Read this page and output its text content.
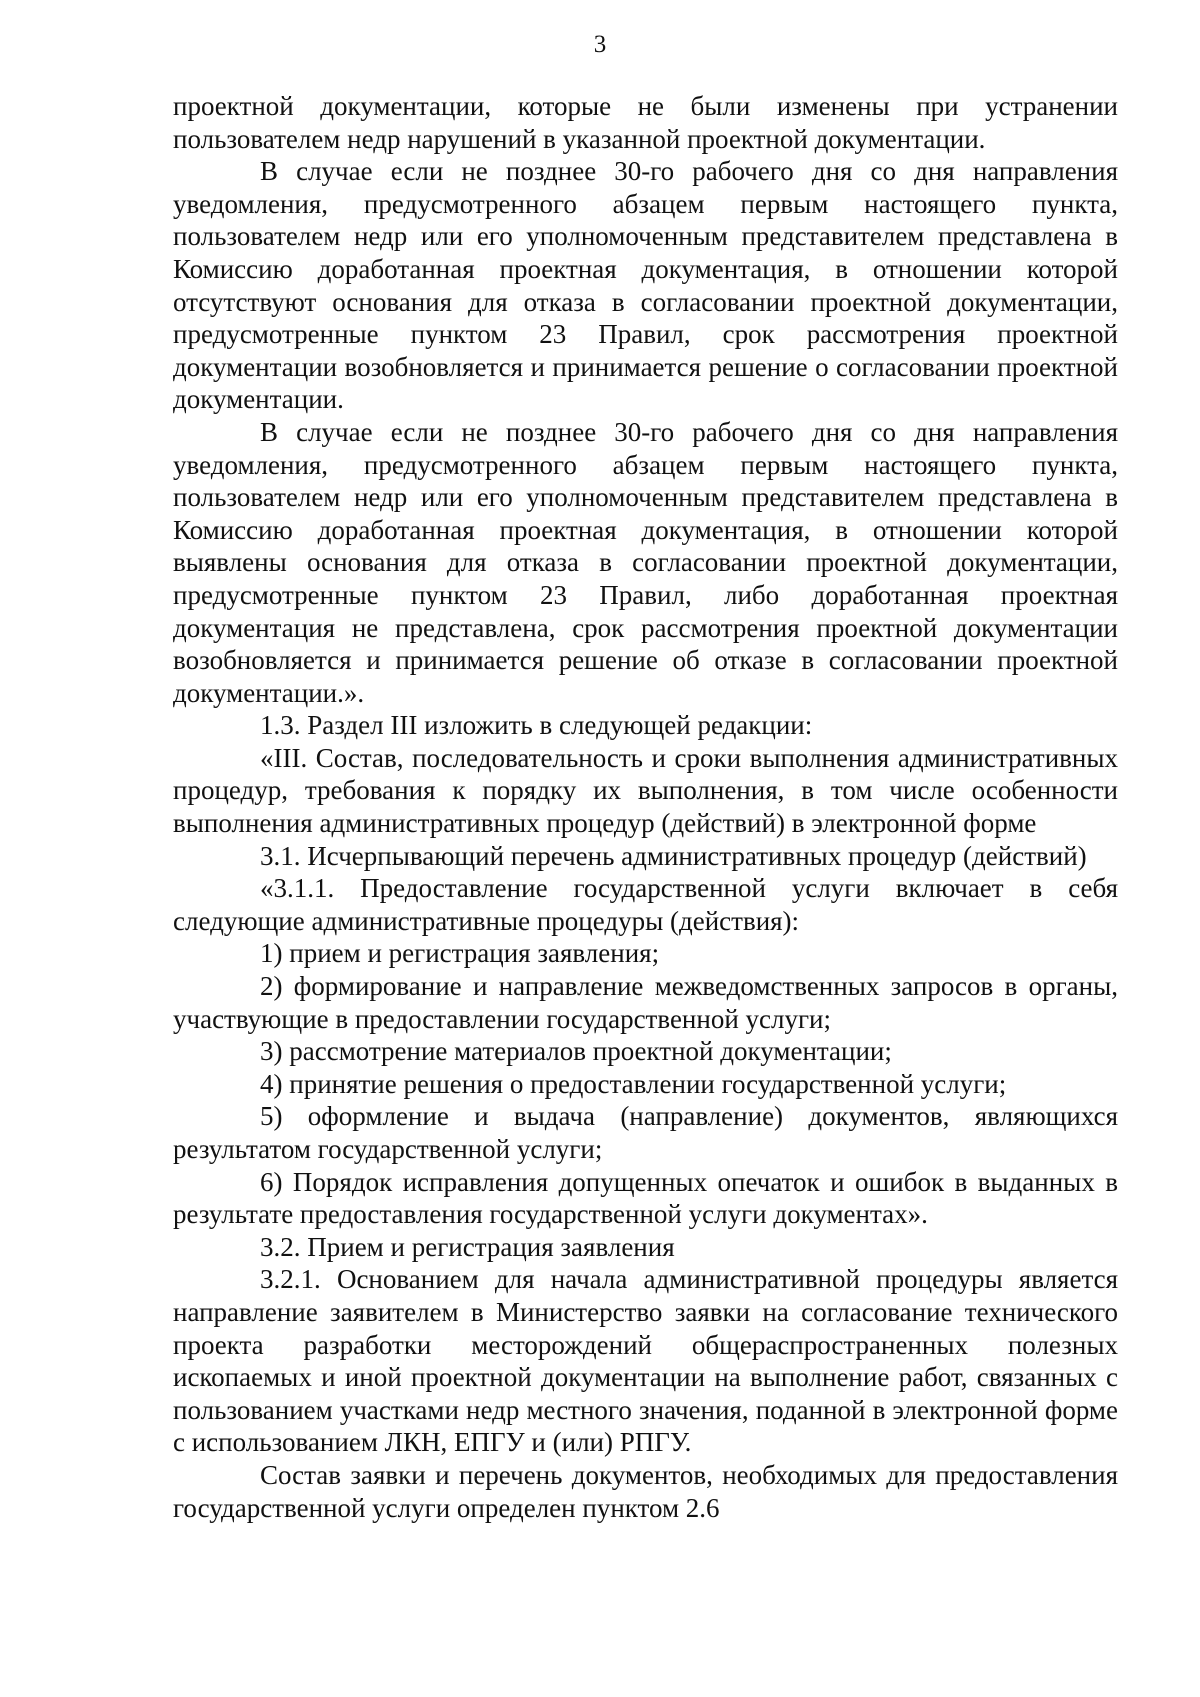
3

проектной документации, которые не были изменены при устранении пользователем недр нарушений в указанной проектной документации.

В случае если не позднее 30-го рабочего дня со дня направления уведомления, предусмотренного абзацем первым настоящего пункта, пользователем недр или его уполномоченным представителем представлена в Комиссию доработанная проектная документация, в отношении которой отсутствуют основания для отказа в согласовании проектной документации, предусмотренные пунктом 23 Правил, срок рассмотрения проектной документации возобновляется и принимается решение о согласовании проектной документации.

В случае если не позднее 30-го рабочего дня со дня направления уведомления, предусмотренного абзацем первым настоящего пункта, пользователем недр или его уполномоченным представителем представлена в Комиссию доработанная проектная документация, в отношении которой выявлены основания для отказа в согласовании проектной документации, предусмотренные пунктом 23 Правил, либо доработанная проектная документация не представлена, срок рассмотрения проектной документации возобновляется и принимается решение об отказе в согласовании проектной документации.».

1.3. Раздел III изложить в следующей редакции:

«III. Состав, последовательность и сроки выполнения административных процедур, требования к порядку их выполнения, в том числе особенности выполнения административных процедур (действий) в электронной форме

3.1. Исчерпывающий перечень административных процедур (действий)

«3.1.1. Предоставление государственной услуги включает в себя следующие административные процедуры (действия):

1) прием и регистрация заявления;

2) формирование и направление межведомственных запросов в органы, участвующие в предоставлении государственной услуги;

3) рассмотрение материалов проектной документации;

4) принятие решения о предоставлении государственной услуги;

5) оформление и выдача (направление) документов, являющихся результатом государственной услуги;

6) Порядок исправления допущенных опечаток и ошибок в выданных в результате предоставления государственной услуги документах».

3.2. Прием и регистрация заявления

3.2.1. Основанием для начала административной процедуры является направление заявителем в Министерство заявки на согласование технического проекта разработки месторождений общераспространенных полезных ископаемых и иной проектной документации на выполнение работ, связанных с пользованием участками недр местного значения, поданной в электронной форме с использованием ЛКН, ЕПГУ и (или) РПГУ.

Состав заявки и перечень документов, необходимых для предоставления государственной услуги определен пунктом 2.6
